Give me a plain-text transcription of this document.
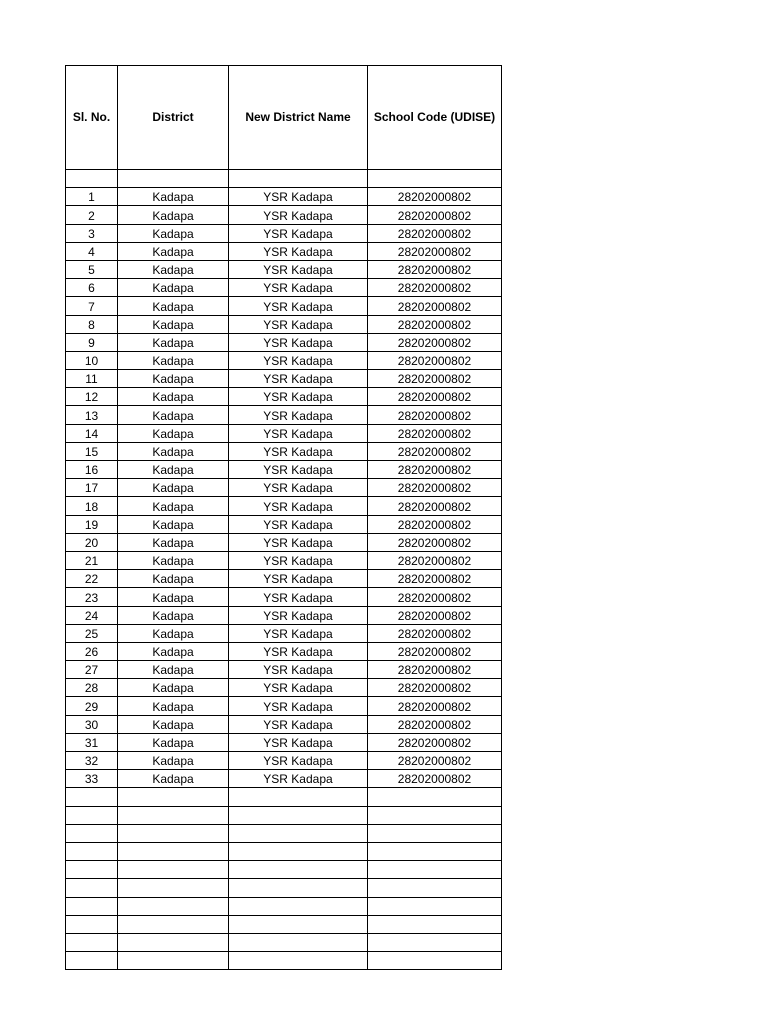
Sl. No.	District	New District Name	School Code (UDISE)

1	Kadapa	YSR Kadapa	28202000802
2	Kadapa	YSR Kadapa	28202000802
3	Kadapa	YSR Kadapa	28202000802
4	Kadapa	YSR Kadapa	28202000802
5	Kadapa	YSR Kadapa	28202000802
6	Kadapa	YSR Kadapa	28202000802
7	Kadapa	YSR Kadapa	28202000802
8	Kadapa	YSR Kadapa	28202000802
9	Kadapa	YSR Kadapa	28202000802
10	Kadapa	YSR Kadapa	28202000802
11	Kadapa	YSR Kadapa	28202000802
12	Kadapa	YSR Kadapa	28202000802
13	Kadapa	YSR Kadapa	28202000802
14	Kadapa	YSR Kadapa	28202000802
15	Kadapa	YSR Kadapa	28202000802
16	Kadapa	YSR Kadapa	28202000802
17	Kadapa	YSR Kadapa	28202000802
18	Kadapa	YSR Kadapa	28202000802
19	Kadapa	YSR Kadapa	28202000802
20	Kadapa	YSR Kadapa	28202000802
21	Kadapa	YSR Kadapa	28202000802
22	Kadapa	YSR Kadapa	28202000802
23	Kadapa	YSR Kadapa	28202000802
24	Kadapa	YSR Kadapa	28202000802
25	Kadapa	YSR Kadapa	28202000802
26	Kadapa	YSR Kadapa	28202000802
27	Kadapa	YSR Kadapa	28202000802
28	Kadapa	YSR Kadapa	28202000802
29	Kadapa	YSR Kadapa	28202000802
30	Kadapa	YSR Kadapa	28202000802
31	Kadapa	YSR Kadapa	28202000802
32	Kadapa	YSR Kadapa	28202000802
33	Kadapa	YSR Kadapa	28202000802
